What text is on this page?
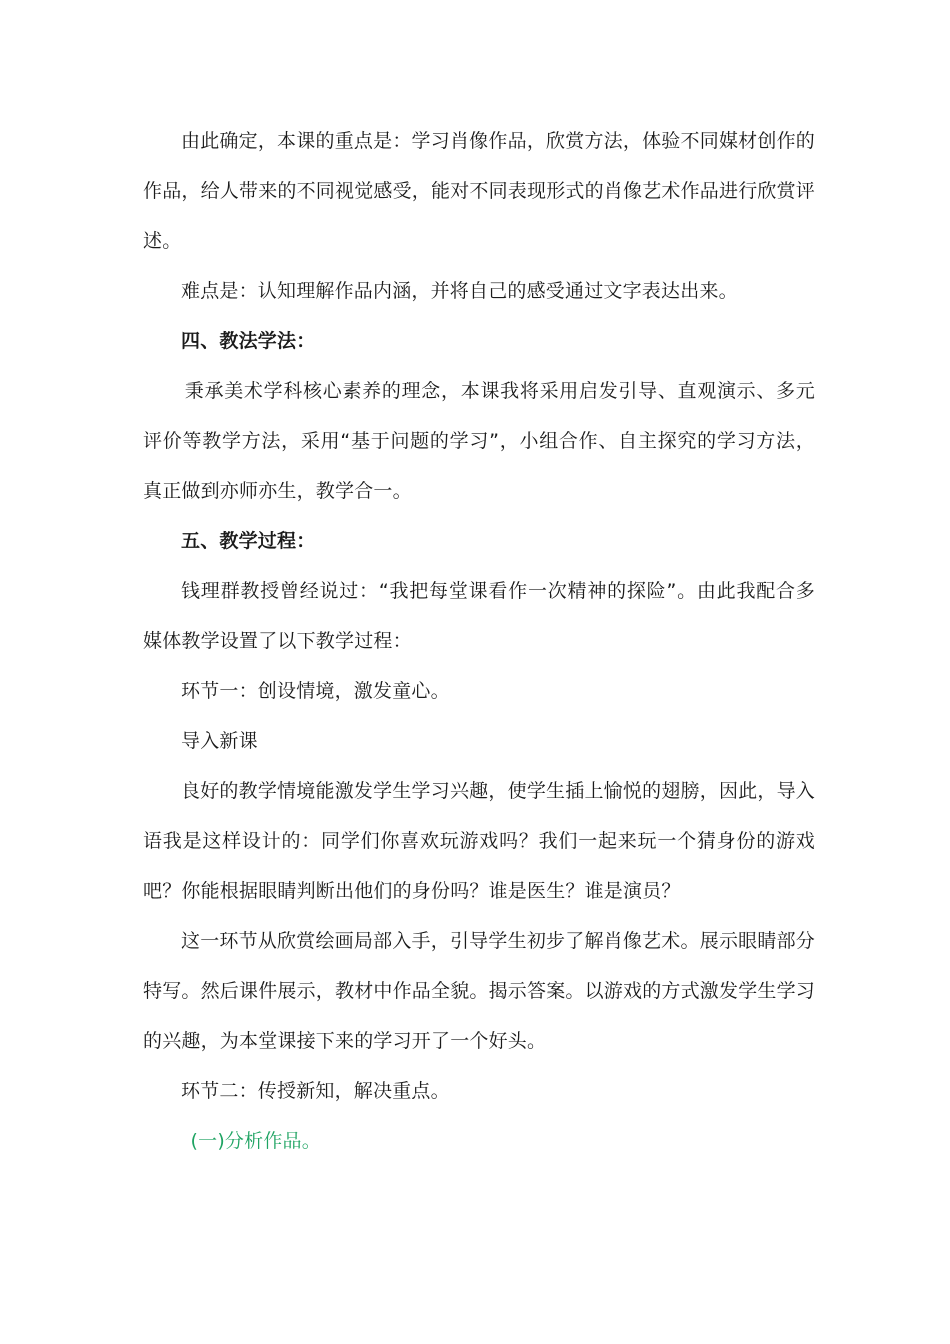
由此确定，本课的重点是：学习肖像作品，欣赏方法，体验不同媒材创作的作品，给人带来的不同视觉感受，能对不同表现形式的肖像艺术作品进行欣赏评述。

难点是：认知理解作品内涵，并将自己的感受通过文字表达出来。

四、教法学法：

秉承美术学科核心素养的理念，本课我将采用启发引导、直观演示、多元评价等教学方法，采用“基于问题的学习”，小组合作、自主探究的学习方法，真正做到亦师亦生，教学合一。

五、教学过程：

钱理群教授曾经说过：“我把每堂课看作一次精神的探险”。由此我配合多媒体教学设置了以下教学过程：

环节一：创设情境，激发童心。

导入新课

良好的教学情境能激发学生学习兴趣，使学生插上愉悦的翅膀，因此，导入语我是这样设计的：同学们你喜欢玩游戏吗？我们一起来玩一个猜身份的游戏吧？你能根据眼睛判断出他们的身份吗？谁是医生？谁是演员？

这一环节从欣赏绘画局部入手，引导学生初步了解肖像艺术。展示眼睛部分特写。然后课件展示，教材中作品全貌。揭示答案。以游戏的方式激发学生学习的兴趣，为本堂课接下来的学习开了一个好头。

环节二：传授新知，解决重点。

(一)分析作品。
